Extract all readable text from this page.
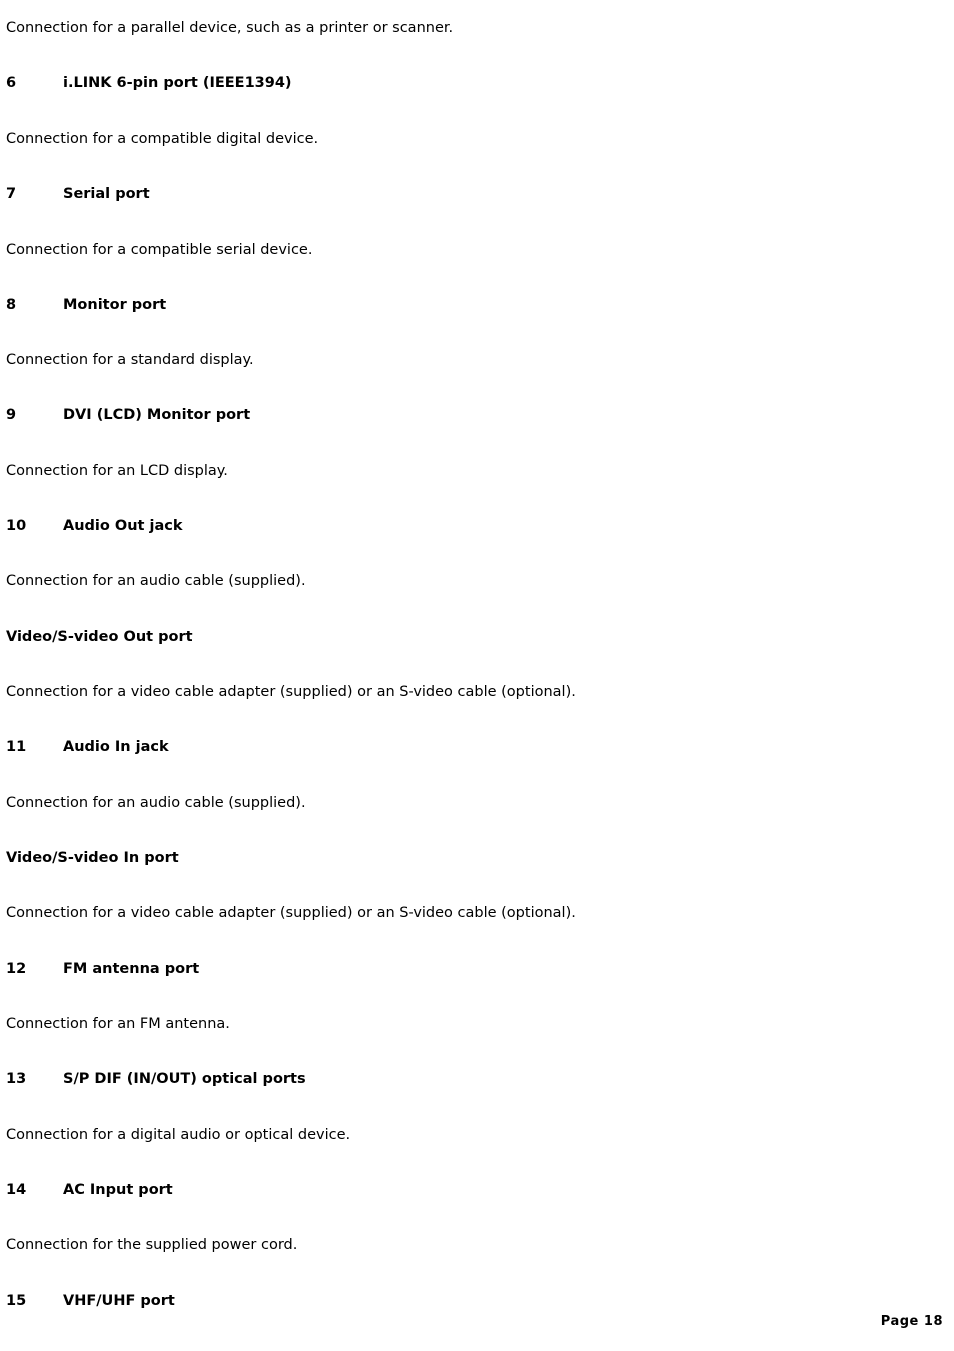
Connection for a parallel device, such as a printer or scanner.
6	i.LINK 6-pin port (IEEE1394)
Connection for a compatible digital device.
7	Serial port
Connection for a compatible serial device.
8	Monitor port
Connection for a standard display.
9	DVI (LCD) Monitor port
Connection for an LCD display.
10	Audio Out jack
Connection for an audio cable (supplied).
Video/S-video Out port
Connection for a video cable adapter (supplied) or an S-video cable (optional).
11	Audio In jack
Connection for an audio cable (supplied).
Video/S-video In port
Connection for a video cable adapter (supplied) or an S-video cable (optional).
12	FM antenna port
Connection for an FM antenna.
13	S/P DIF (IN/OUT) optical ports
Connection for a digital audio or optical device.
14	AC Input port
Connection for the supplied power cord.
15	VHF/UHF port
Page 18
